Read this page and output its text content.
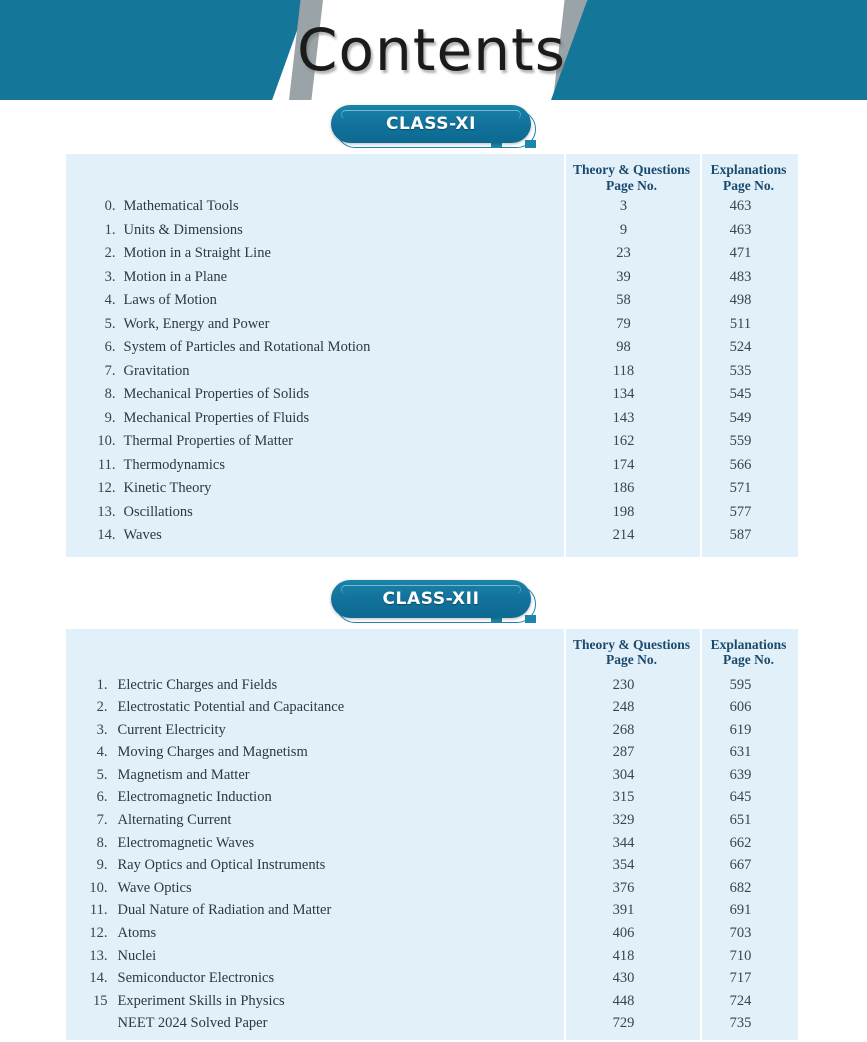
Contents
CLASS-XI
Theory & Questions
Page No.
Explanations
Page No.
0. Mathematical Tools	3	463
1. Units & Dimensions	9	463
2. Motion in a Straight Line	23	471
3. Motion in a Plane	39	483
4. Laws of Motion	58	498
5. Work, Energy and Power	79	511
6. System of Particles and Rotational Motion	98	524
7. Gravitation	118	535
8. Mechanical Properties of Solids	134	545
9. Mechanical Properties of Fluids	143	549
10. Thermal Properties of Matter	162	559
11. Thermodynamics	174	566
12. Kinetic Theory	186	571
13. Oscillations	198	577
14. Waves	214	587
CLASS-XII
Theory & Questions
Page No.
Explanations
Page No.
1. Electric Charges and Fields	230	595
2. Electrostatic Potential and Capacitance	248	606
3. Current Electricity	268	619
4. Moving Charges and Magnetism	287	631
5. Magnetism and Matter	304	639
6. Electromagnetic Induction	315	645
7. Alternating Current	329	651
8. Electromagnetic Waves	344	662
9. Ray Optics and Optical Instruments	354	667
10. Wave Optics	376	682
11. Dual Nature of Radiation and Matter	391	691
12. Atoms	406	703
13. Nuclei	418	710
14. Semiconductor Electronics	430	717
15 Experiment Skills in Physics	448	724
NEET 2024 Solved Paper	729	735
